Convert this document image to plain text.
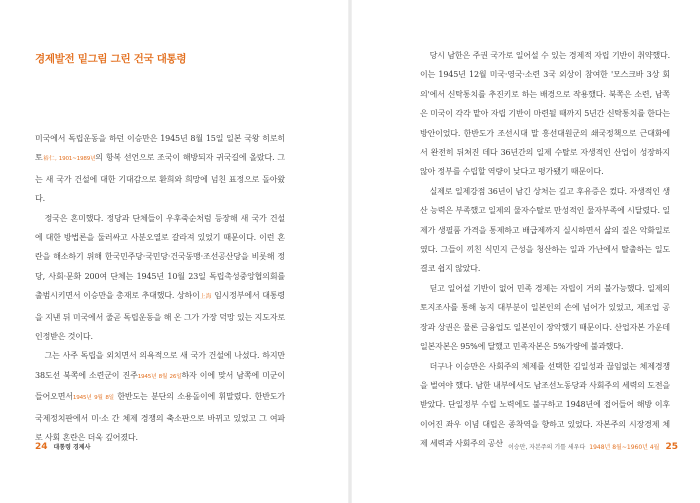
경제발전 밑그림 그린 건국 대통령

미국에서 독립운동을 하던 이승만은 1945년 8월 15일 일본 국왕 히로히토裕仁, 1901~1989년의 항복 선언으로 조국이 해방되자 귀국길에 올랐다. 그는 새 국가 건설에 대한 기대감으로 환희와 희망에 넘친 표정으로 돌아왔다.

정국은 혼미했다. 정당과 단체들이 우후죽순처럼 등장해 새 국가 건설에 대한 방법론을 둘러싸고 사분오열로 갈라져 있었기 때문이다. 이런 혼란을 해소하기 위해 한국민주당·국민당·건국동맹·조선공산당을 비롯해 정당, 사회·문화 200여 단체는 1945년 10월 23일 독립촉성중앙협의회를 출범시키면서 이승만을 총재로 추대했다. 상하이上海 임시정부에서 대통령을 지낸 뒤 미국에서 줄곧 독립운동을 해 온 그가 가장 덕망 있는 지도자로 인정받은 것이다.

그는 사주 독립을 외치면서 의욕적으로 새 국가 건설에 나섰다. 하지만 38도선 북쪽에 소련군이 진주1945년 8월 26일하자 이에 맞서 남쪽에 미군이 들어오면서1945년 9월 8일 한반도는 분단의 소용돌이에 휘말렸다. 한반도가 국제정치판에서 미·소 간 체제 경쟁의 축소판으로 바뀌고 있었고 그 여파로 사회 혼란은 더욱 깊어졌다.

24 대통령 경제사

당시 남한은 주권 국가로 일어설 수 있는 경제적 자립 기반이 취약했다. 이는 1945년 12월 미국·영국·소련 3국 외상이 참여한 '모스크바 3상 회의'에서 신탁통치를 추진키로 하는 배경으로 작용했다. 북쪽은 소련, 남쪽은 미국이 각각 맡아 자립 기반이 마련될 때까지 5년간 신탁통치를 한다는 방안이었다. 한반도가 조선시대 말 흥선대원군의 쇄국정책으로 근대화에서 완전히 뒤쳐진 데다 36년간의 일제 수탈로 자생적인 산업이 성장하지 않아 정부를 수립할 역량이 낮다고 평가됐기 때문이다.

실제로 일제강점 36년이 남긴 상처는 깊고 후유증은 컸다. 자생적인 생산 능력은 부족했고 일제의 물자수탈로 만성적인 물자부족에 시달렸다. 일제가 생필품 가격을 통제하고 배급제까지 실시하면서 삶의 질은 악화일로였다. 그들이 끼친 식민지 근성을 청산하는 일과 가난에서 탈출하는 일도 결코 쉽지 않았다.

딛고 일어설 기반이 없어 민족 경제는 자립이 거의 불가능했다. 일제의 토지조사를 통해 농지 대부분이 일본인의 손에 넘어가 있었고, 제조업 공장과 상권은 물론 금융업도 일본인이 장악했기 때문이다. 산업자본 가운데 일본자본은 95%에 달했고 민족자본은 5%가량에 불과했다.

더구나 이승만은 사회주의 체제를 선택한 김일성과 끊임없는 체제경쟁을 벌여야 했다. 남한 내부에서도 남조선노동당과 사회주의 세력의 도전을 받았다. 단일정부 수립 노력에도 불구하고 1948년에 접어들어 해방 이후 이어진 좌우 이념 대립은 종착역을 향하고 있었다. 자본주의 시장경제 체제 세력과 사회주의 공산 이승만, 자본주의 기틀 세우다 1948년 8월~1960년 4월 25
